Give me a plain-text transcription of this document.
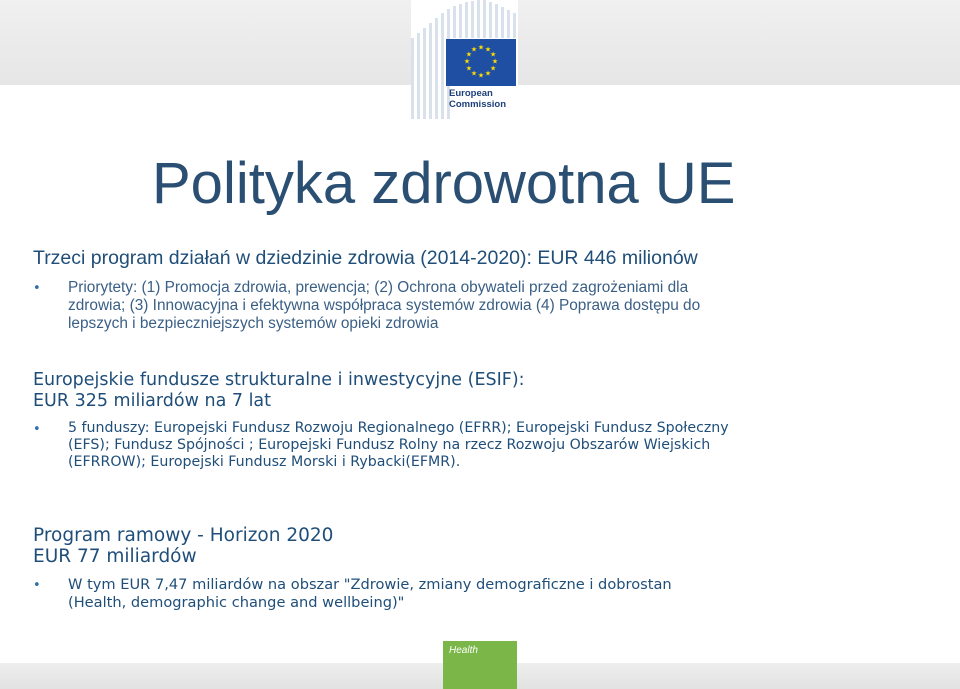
★ ★
★
★
★
★
★
★
★
★
★
★
European
Commission
Polityka zdrowotna UE
Trzeci program działań w dziedzinie zdrowia (2014-2020): EUR 446 milionów
• Priorytety: (1) Promocja zdrowia, prewencja; (2) Ochrona obywateli przed zagrożeniami dla
zdrowia; (3) Innowacyjna i efektywna współpraca systemów zdrowia (4) Poprawa dostępu do
lepszych i bezpieczniejszych systemów opieki zdrowia
Europejskie fundusze strukturalne i inwestycyjne (ESIF):
EUR 325 miliardów na 7 lat
• 5 funduszy: Europejski Fundusz Rozwoju Regionalnego (EFRR); Europejski Fundusz Społeczny
(EFS); Fundusz Spójności ; Europejski Fundusz Rolny na rzecz Rozwoju Obszarów Wiejskich
(EFRROW); Europejski Fundusz Morski i Rybacki(EFMR).
Program ramowy - Horizon 2020
EUR 77 miliardów
• W tym EUR 7,47 miliardów na obszar "Zdrowie, zmiany demograficzne i dobrostan
(Health, demographic change and wellbeing)"
Health
